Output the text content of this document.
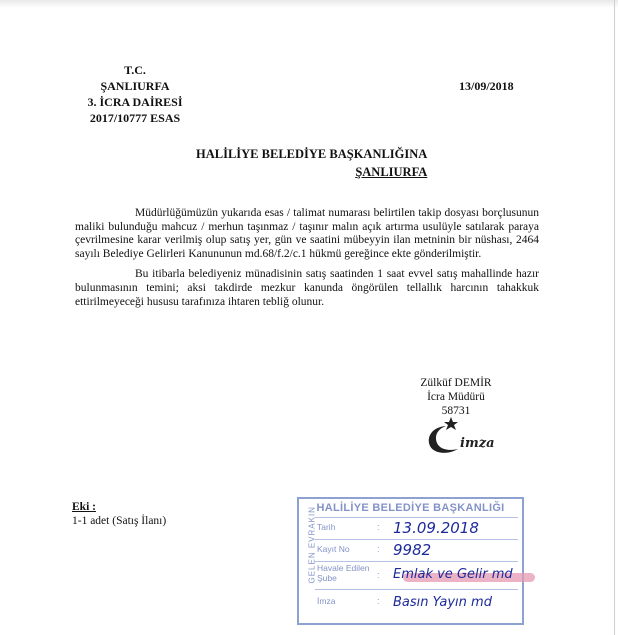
T.C.
ŞANLIURFA
3. İCRA DAİRESİ
2017/10777 ESAS
13/09/2018
HALİLİYE BELEDİYE BAŞKANLIĞINA
ŞANLIURFA

Müdürlüğümüzün yukarıda esas / talimat numarası belirtilen takip dosyası borçlusunun maliki bulunduğu mahcuz / merhun taşınmaz / taşınır malın açık artırma usulüyle satılarak paraya çevrilmesine karar verilmiş olup satış yer, gün ve saatini mübeyyin ilan metninin bir nüshası, 2464 sayılı Belediye Gelirleri Kanununun md.68/f.2/c.1 hükmü gereğince ekte gönderilmiştir.

Bu itibarla belediyeniz münadisinin satış saatinden 1 saat evvel satış mahallinde hazır bulunmasının temini; aksi takdirde mezkur kanunda öngörülen tellallık harcının tahakkuk ettirilmeyeceği hususu tarafınıza ihtaren tebliğ olunur.

Zülküf DEMİR
İcra Müdürü
58731
imza
Eki :
1-1 adet (Satış İlanı)
HALİLİYE BELEDİYE BAŞKANLIĞI
GELEN EVRAKIN Tarih	: 13.09.2018
Kayıt No	: 9982
Havale Edilen Şube	: Emlak ve Gelir md
İmza	: Basın Yayın md
